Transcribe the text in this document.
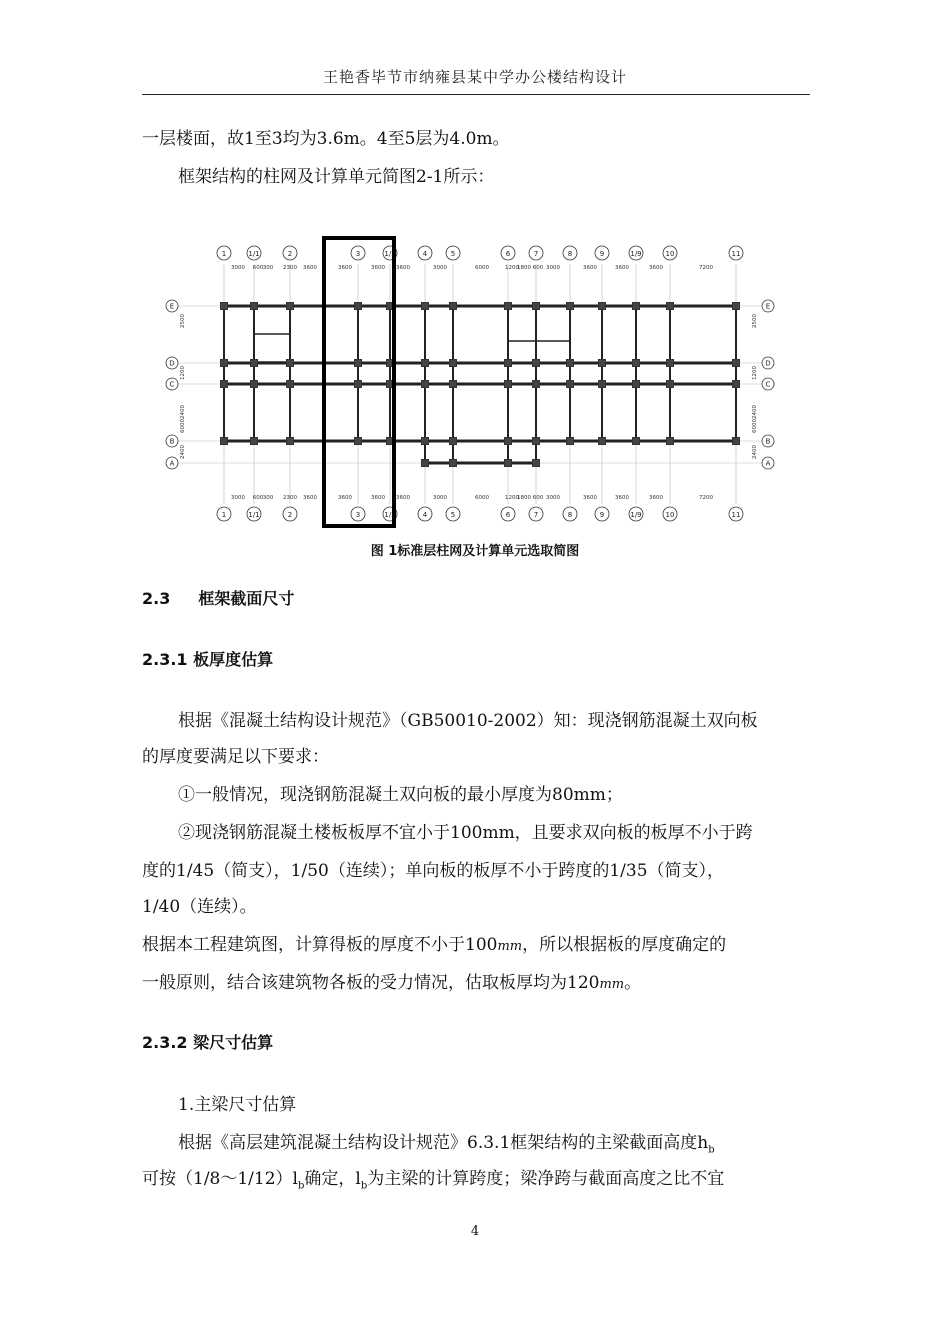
王艳香毕节市纳雍县某中学办公楼结构设计
一层楼面，故1至3均为3.6m。4至5层为4.0m。
框架结构的柱网及计算单元简图2-1所示：
1
1
1/1
1/1
2
2
3
3
1/3
1/3
4
4
5
5
6
6
7
7
8
8
9
9
1/9
1/9
10
10
11
11
E	E
D	D
C	C
B	B
A	A
3000
3000
600
600
300
300
2300
2300
3600
3600
3600
3600
3600
3600
3600
3600
3000
3000
6000
6000
1200
1200
1800
1800
600
600
3000
3000
3600
3600
3600
3600
3600
3600
7200
7200
2500	2500
1200	1200
2400	2400
6000	6000
2400	2400
图 1标准层柱网及计算单元选取简图
2.3 框架截面尺寸
2.3.1 板厚度估算
根据《混凝土结构设计规范》（GB50010-2002）知：现浇钢筋混凝土双向板
的厚度要满足以下要求：
①一般情况，现浇钢筋混凝土双向板的最小厚度为80mm；
②现浇钢筋混凝土楼板板厚不宜小于100mm，且要求双向板的板厚不小于跨
度的1/45（简支），1/50（连续）；单向板的板厚不小于跨度的1/35（简支），
1/40（连续）。
根据本工程建筑图，计算得板的厚度不小于100mm，所以根据板的厚度确定的
一般原则，结合该建筑物各板的受力情况，估取板厚均为120mm。
2.3.2 梁尺寸估算
1.主梁尺寸估算
根据《高层建筑混凝土结构设计规范》6.3.1框架结构的主梁截面高度$h_b$
可按$(1/8\sim 1/12)l_b$确定，$l_b$为主梁的计算跨度；梁净跨与截面高度之比不宜
4
